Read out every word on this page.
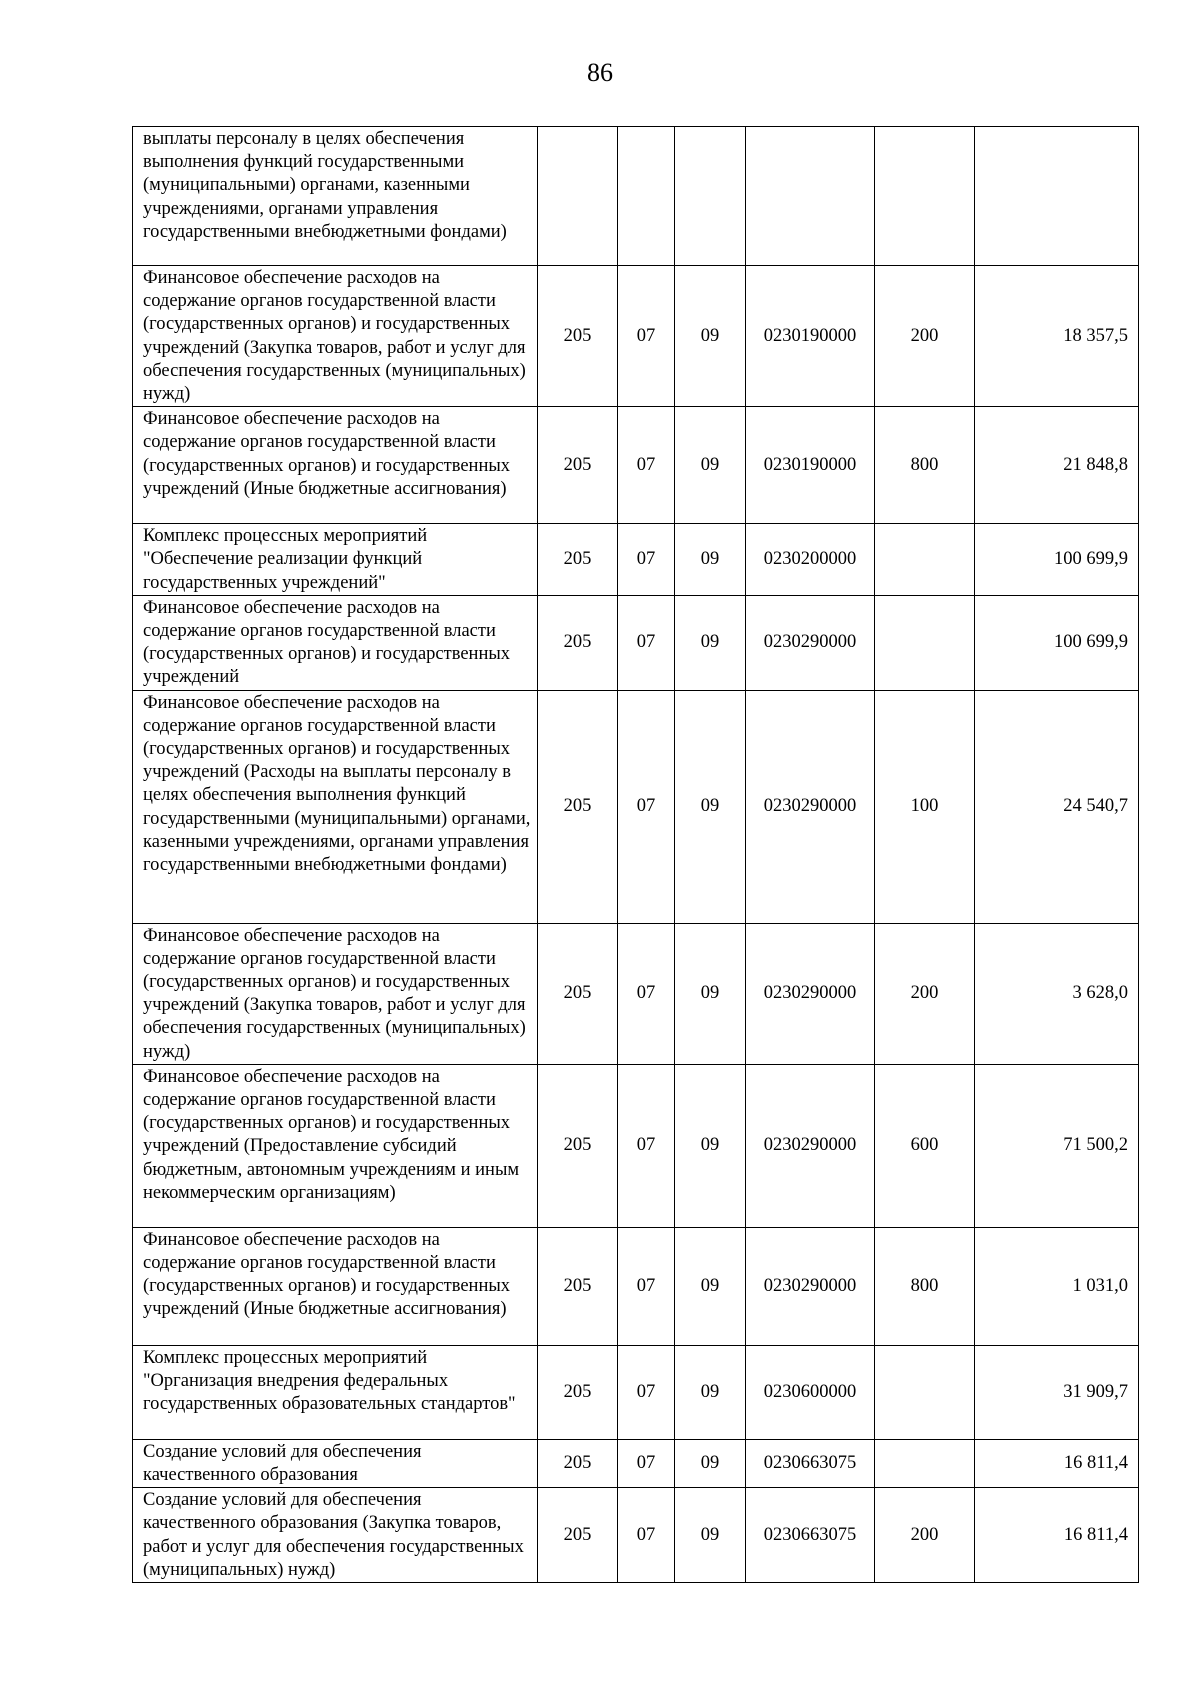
86
выплаты персоналу в целях обеспечения выполнения функций государственными (муниципальными) органами, казенными учреждениями, органами управления государственными внебюджетными фондами)						
Финансовое обеспечение расходов на содержание органов государственной власти (государственных органов) и государственных учреждений (Закупка товаров, работ и услуг для обеспечения государственных (муниципальных) нужд)	205	07	09	0230190000	200	18 357,5
Финансовое обеспечение расходов на содержание органов государственной власти (государственных органов) и государственных учреждений (Иные бюджетные ассигнования)	205	07	09	0230190000	800	21 848,8
Комплекс процессных мероприятий "Обеспечение реализации функций государственных учреждений"	205	07	09	0230200000		100 699,9
Финансовое обеспечение расходов на содержание органов государственной власти (государственных органов) и государственных учреждений	205	07	09	0230290000		100 699,9
Финансовое обеспечение расходов на содержание органов государственной власти (государственных органов) и государственных учреждений (Расходы на выплаты персоналу в целях обеспечения выполнения функций государственными (муниципальными) органами, казенными учреждениями, органами управления государственными внебюджетными фондами)	205	07	09	0230290000	100	24 540,7
Финансовое обеспечение расходов на содержание органов государственной власти (государственных органов) и государственных учреждений (Закупка товаров, работ и услуг для обеспечения государственных (муниципальных) нужд)	205	07	09	0230290000	200	3 628,0
Финансовое обеспечение расходов на содержание органов государственной власти (государственных органов) и государственных учреждений (Предоставление субсидий бюджетным, автономным учреждениям и иным некоммерческим организациям)	205	07	09	0230290000	600	71 500,2
Финансовое обеспечение расходов на содержание органов государственной власти (государственных органов) и государственных учреждений (Иные бюджетные ассигнования)	205	07	09	0230290000	800	1 031,0
Комплекс процессных мероприятий "Организация внедрения федеральных государственных образовательных стандартов"	205	07	09	0230600000		31 909,7
Создание условий для обеспечения качественного образования	205	07	09	0230663075		16 811,4
Создание условий для обеспечения качественного образования (Закупка товаров, работ и услуг для обеспечения государственных (муниципальных) нужд)	205	07	09	0230663075	200	16 811,4
